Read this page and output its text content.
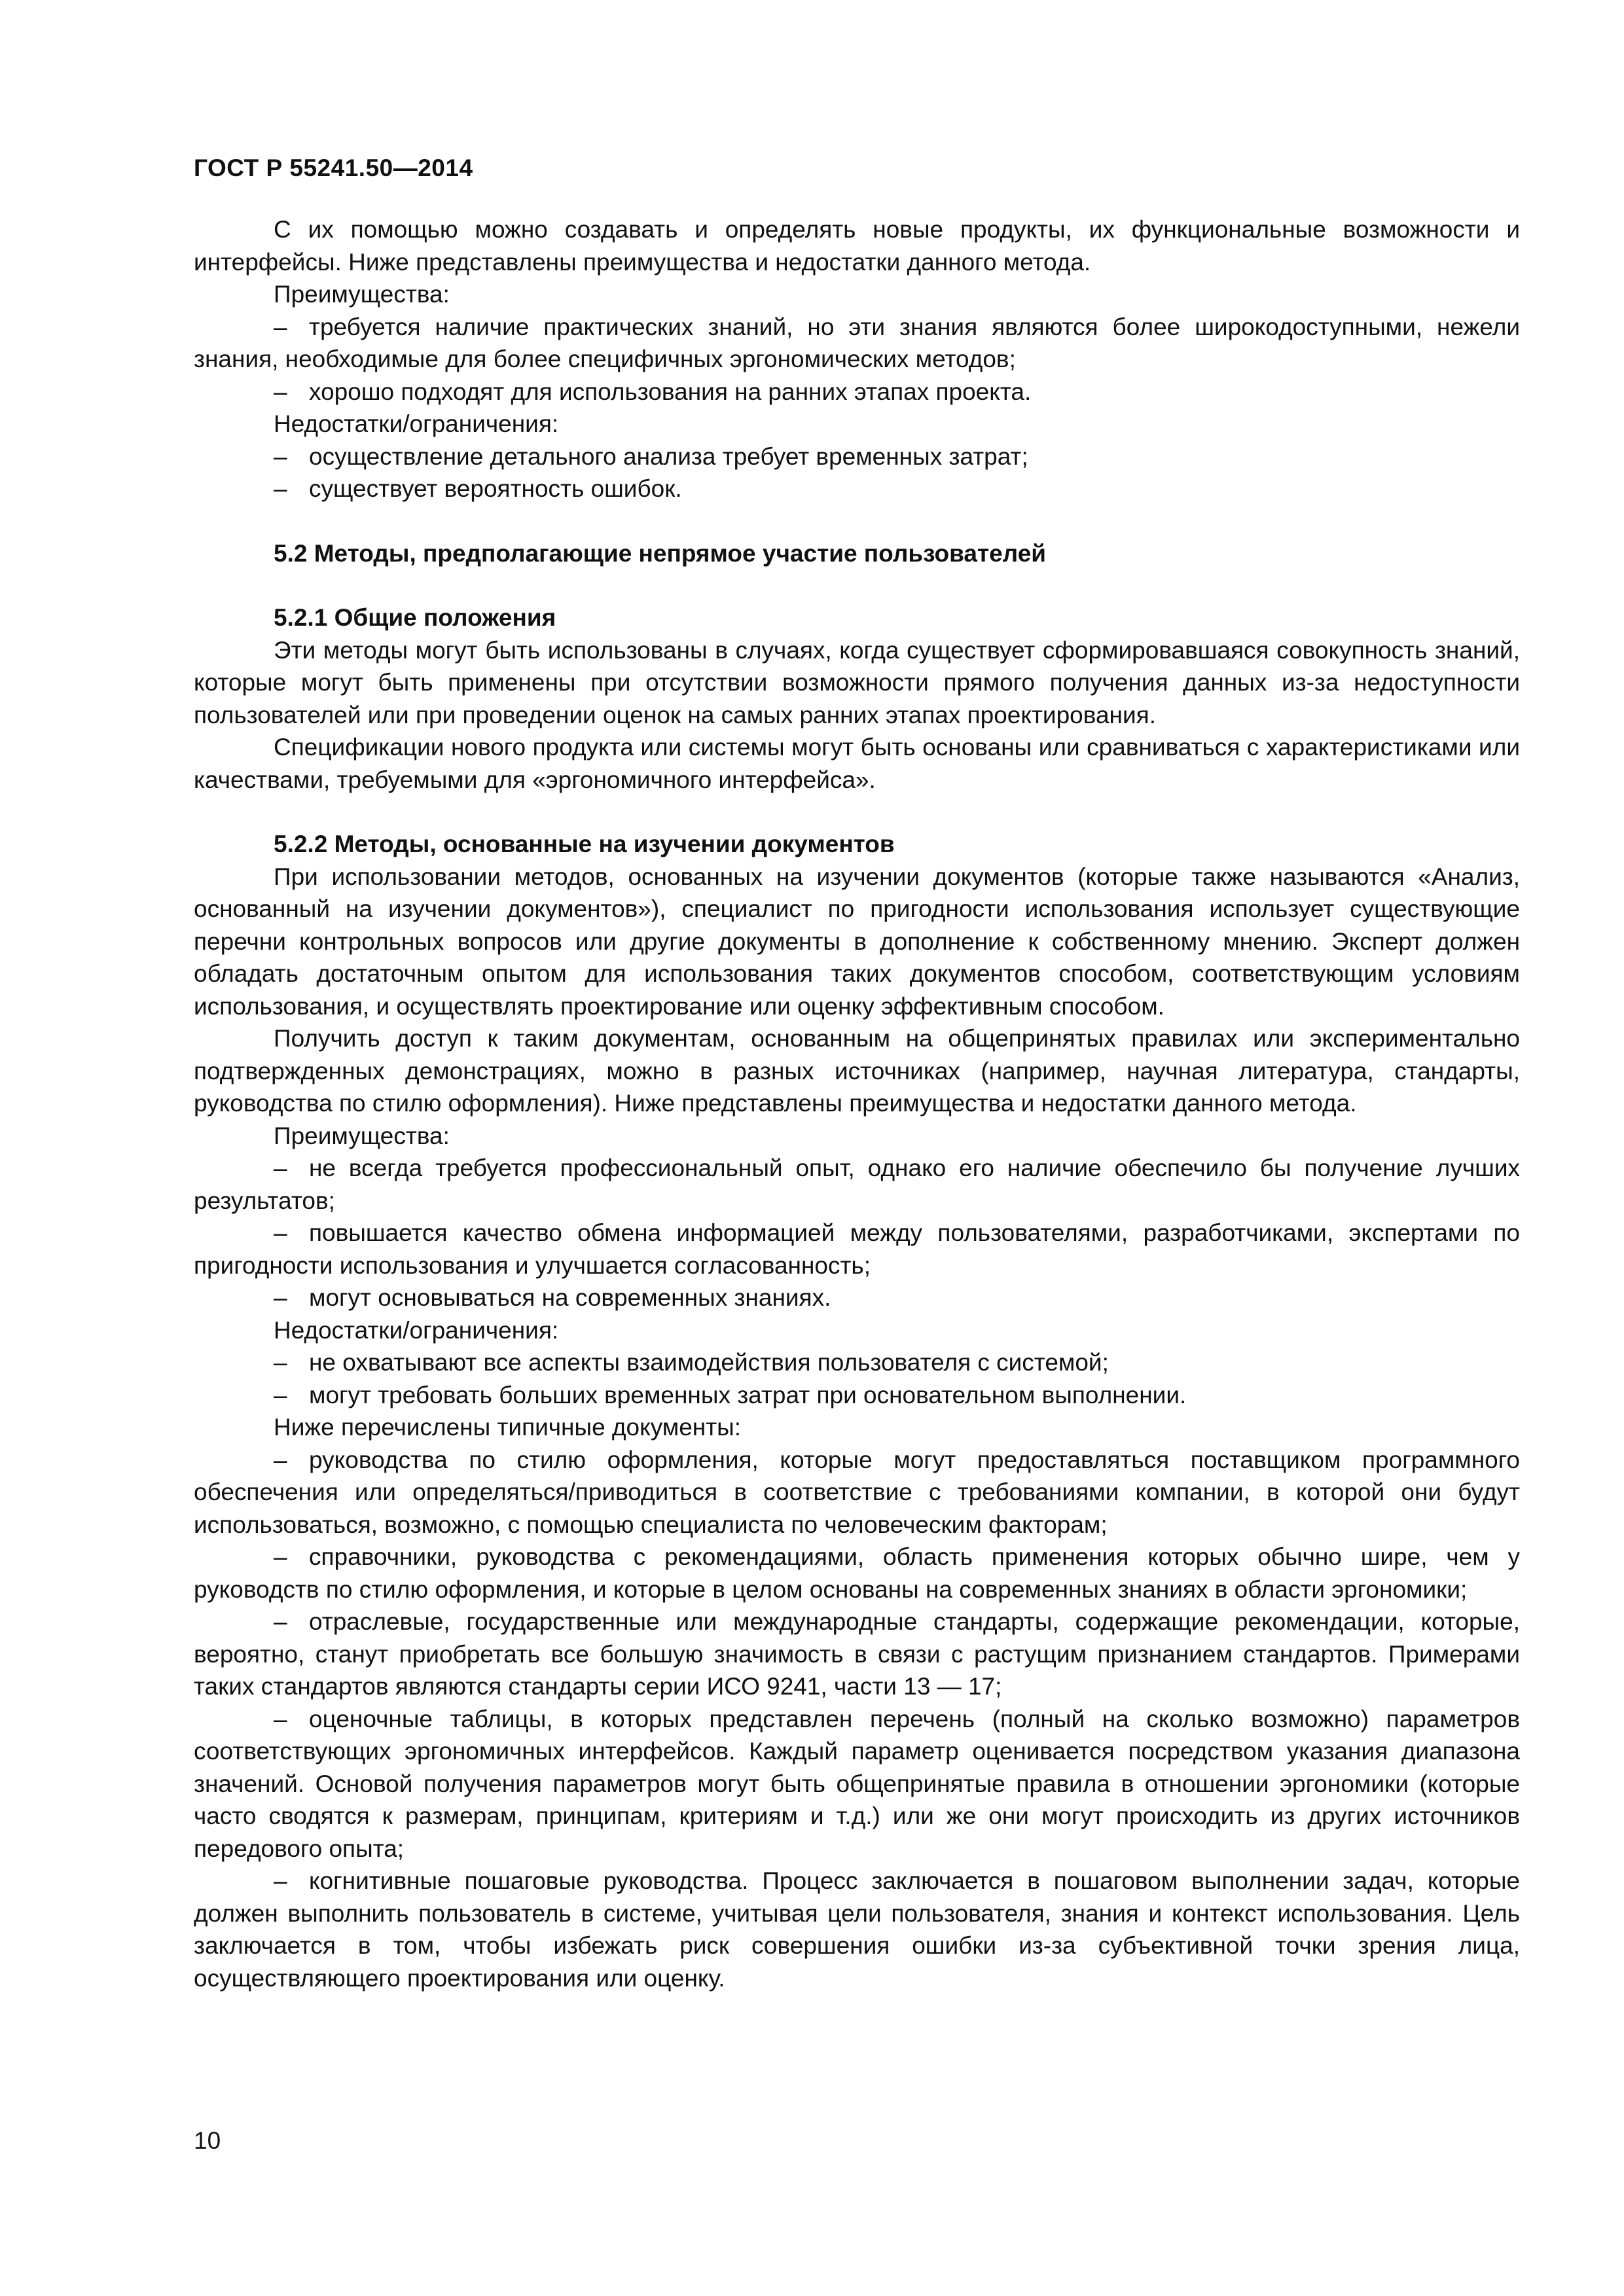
ГОСТ Р 55241.50—2014

С их помощью можно создавать и определять новые продукты, их функциональные возможности и интерфейсы. Ниже представлены преимущества и недостатки данного метода.

Преимущества:

– требуется наличие практических знаний, но эти знания являются более широкодоступными, нежели знания, необходимые для более специфичных эргономических методов;

– хорошо подходят для использования на ранних этапах проекта.

Недостатки/ограничения:

– осуществление детального анализа требует временных затрат;

– существует вероятность ошибок.

5.2 Методы, предполагающие непрямое участие пользователей

5.2.1 Общие положения

Эти методы могут быть использованы в случаях, когда существует сформировавшаяся совокупность знаний, которые могут быть применены при отсутствии возможности прямого получения данных из-за недоступности пользователей или при проведении оценок на самых ранних этапах проектирования.

Спецификации нового продукта или системы могут быть основаны или сравниваться с характеристиками или качествами, требуемыми для «эргономичного интерфейса».

5.2.2 Методы, основанные на изучении документов

При использовании методов, основанных на изучении документов (которые также называются «Анализ, основанный на изучении документов»), специалист по пригодности использования использует существующие перечни контрольных вопросов или другие документы в дополнение к собственному мнению. Эксперт должен обладать достаточным опытом для использования таких документов способом, соответствующим условиям использования, и осуществлять проектирование или оценку эффективным способом.

Получить доступ к таким документам, основанным на общепринятых правилах или экспериментально подтвержденных демонстрациях, можно в разных источниках (например, научная литература, стандарты, руководства по стилю оформления). Ниже представлены преимущества и недостатки данного метода.

Преимущества:

– не всегда требуется профессиональный опыт, однако его наличие обеспечило бы получение лучших результатов;

– повышается качество обмена информацией между пользователями, разработчиками, экспертами по пригодности использования и улучшается согласованность;

– могут основываться на современных знаниях.

Недостатки/ограничения:

– не охватывают все аспекты взаимодействия пользователя с системой;

– могут требовать больших временных затрат при основательном выполнении.

Ниже перечислены типичные документы:

– руководства по стилю оформления, которые могут предоставляться поставщиком программного обеспечения или определяться/приводиться в соответствие с требованиями компании, в которой они будут использоваться, возможно, с помощью специалиста по человеческим факторам;

– справочники, руководства с рекомендациями, область применения которых обычно шире, чем у руководств по стилю оформления, и которые в целом основаны на современных знаниях в области эргономики;

– отраслевые, государственные или международные стандарты, содержащие рекомендации, которые, вероятно, станут приобретать все большую значимость в связи с растущим признанием стандартов. Примерами таких стандартов являются стандарты серии ИСО 9241, части 13 — 17;

– оценочные таблицы, в которых представлен перечень (полный на сколько возможно) параметров соответствующих эргономичных интерфейсов. Каждый параметр оценивается посредством указания диапазона значений. Основой получения параметров могут быть общепринятые правила в отношении эргономики (которые часто сводятся к размерам, принципам, критериям и т.д.) или же они могут происходить из других источников передового опыта;

– когнитивные пошаговые руководства. Процесс заключается в пошаговом выполнении задач, которые должен выполнить пользователь в системе, учитывая цели пользователя, знания и контекст использования. Цель заключается в том, чтобы избежать риск совершения ошибки из-за субъективной точки зрения лица, осуществляющего проектирования или оценку.

10
